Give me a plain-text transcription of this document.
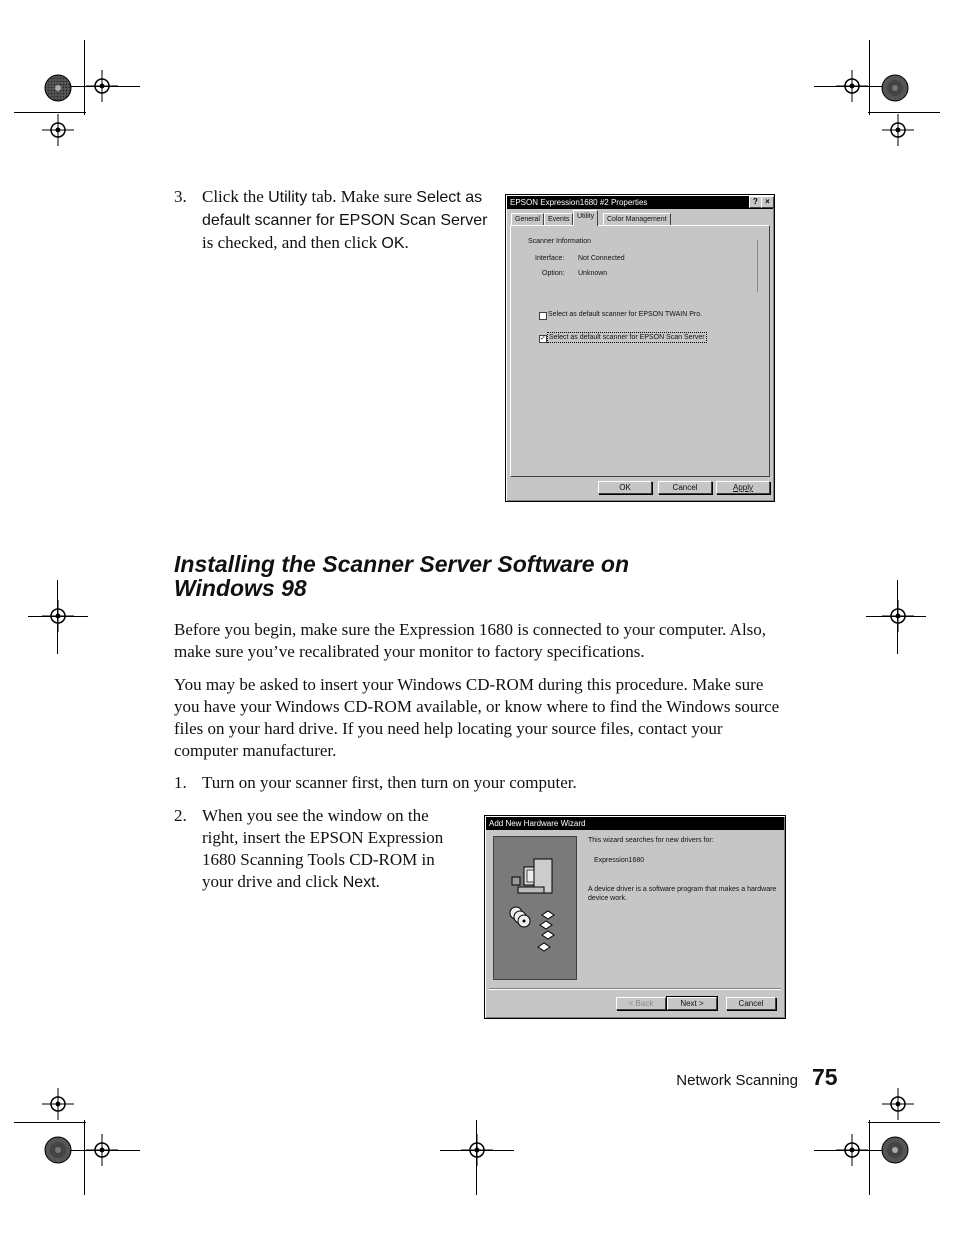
3. Click the Utility tab. Make sure Select as default scanner for EPSON Scan Server is checked, and then click OK.
EPSON Expression1680 #2 Properties	? ×
General	Events	Utility	Color Management
Scanner Information
Interface: Not Connected
Option: Unknown
Select as default scanner for EPSON TWAIN Pro.
✓ Select as default scanner for EPSON Scan Server
OK	Cancel	Apply
Installing the Scanner Server Software on Windows 98

Before you begin, make sure the Expression 1680 is connected to your computer. Also, make sure you’ve recalibrated your monitor to factory specifications.

You may be asked to insert your Windows CD-ROM during this procedure. Make sure you have your Windows CD-ROM available, or know where to find the Windows source files on your hard drive. If you need help locating your source files, contact your computer manufacturer.

1. Turn on your scanner first, then turn on your computer.
2. When you see the window on the right, insert the EPSON Expression 1680 Scanning Tools CD-ROM in your drive and click Next.
Add New Hardware Wizard
This wizard searches for new drivers for:
Expression1680
A device driver is a software program that makes a hardware device work.
< Back	Next >	Cancel
Network Scanning 75
